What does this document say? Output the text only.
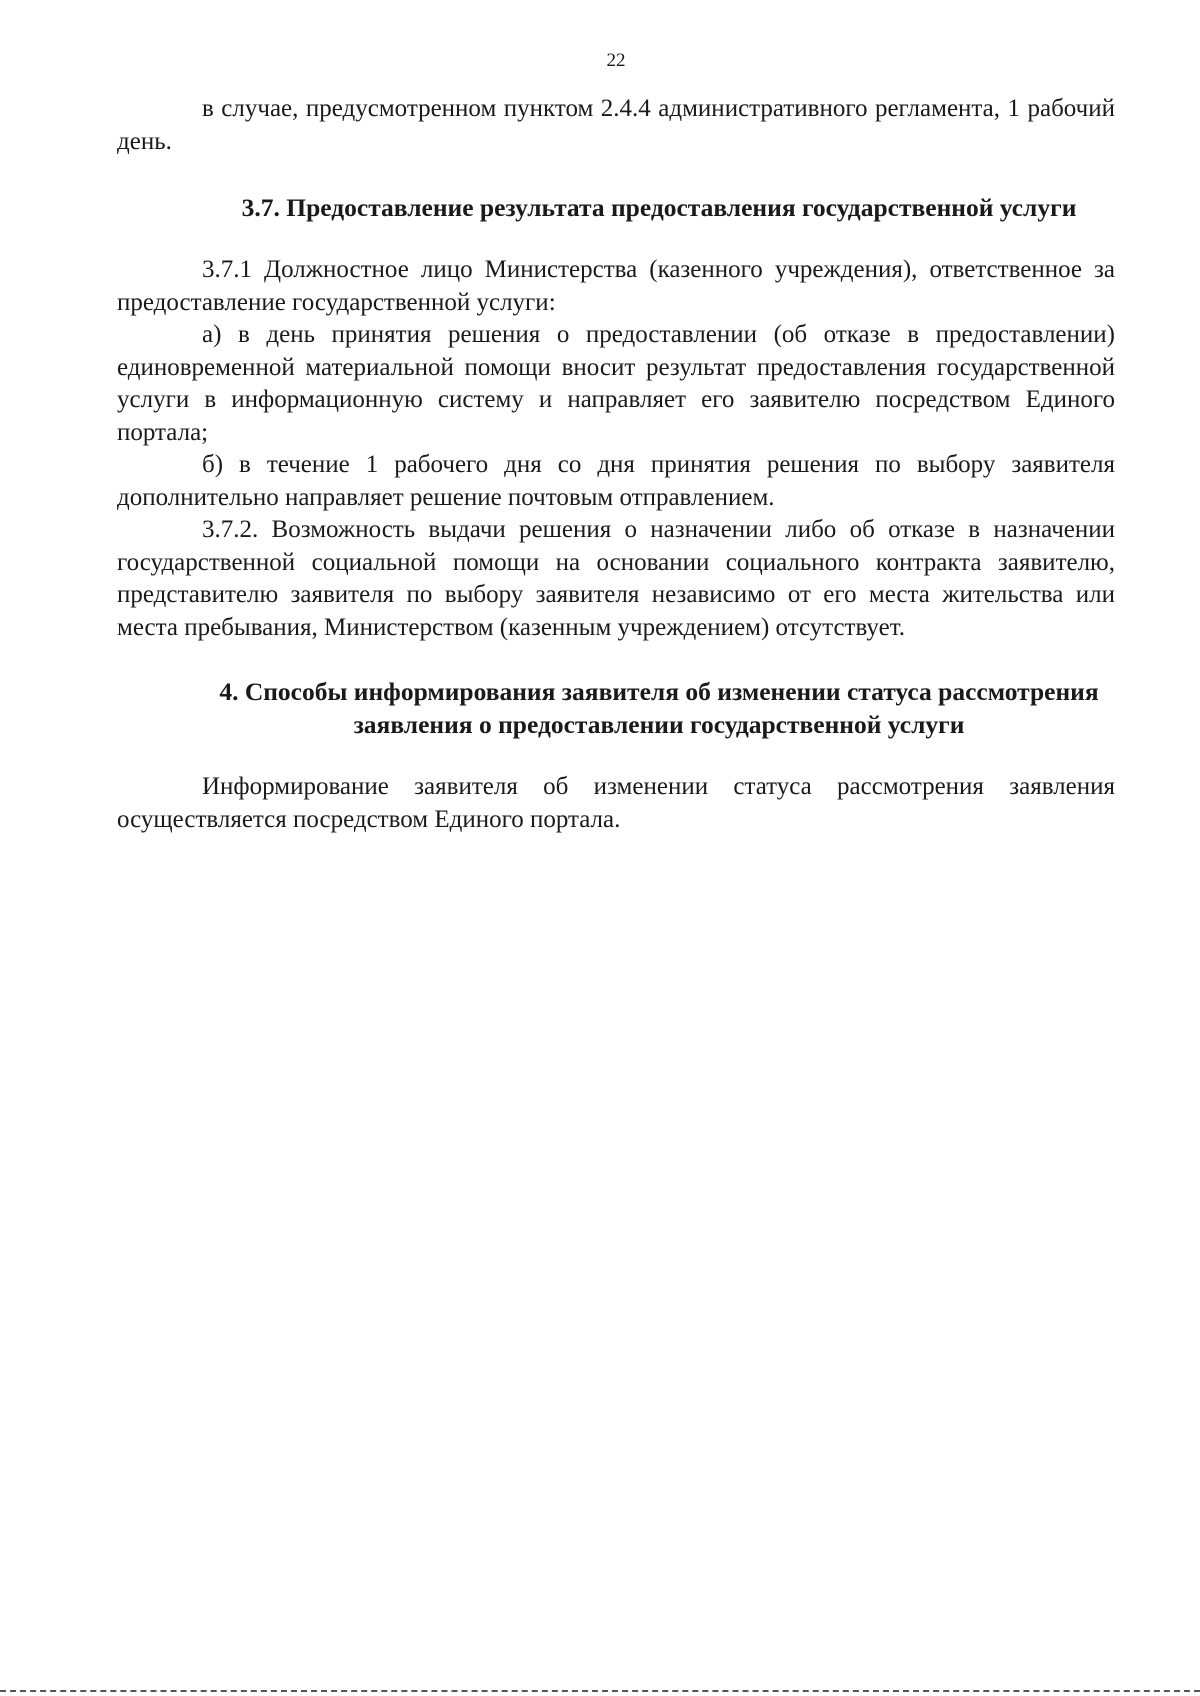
22

в случае, предусмотренном пунктом 2.4.4 административного регламента, 1 рабочий день.

3.7. Предоставление результата предоставления государственной услуги

3.7.1 Должностное лицо Министерства (казенного учреждения), ответственное за предоставление государственной услуги:

а) в день принятия решения о предоставлении (об отказе в предоставлении) единовременной материальной помощи вносит результат предоставления государственной услуги в информационную систему и направляет его заявителю посредством Единого портала;

б) в течение 1 рабочего дня со дня принятия решения по выбору заявителя дополнительно направляет решение почтовым отправлением.

3.7.2. Возможность выдачи решения о назначении либо об отказе в назначении государственной социальной помощи на основании социального контракта заявителю, представителю заявителя по выбору заявителя независимо от его места жительства или места пребывания, Министерством (казенным учреждением) отсутствует.

4. Способы информирования заявителя об изменении статуса рассмотрения заявления о предоставлении государственной услуги

Информирование заявителя об изменении статуса рассмотрения заявления осуществляется посредством Единого портала.
